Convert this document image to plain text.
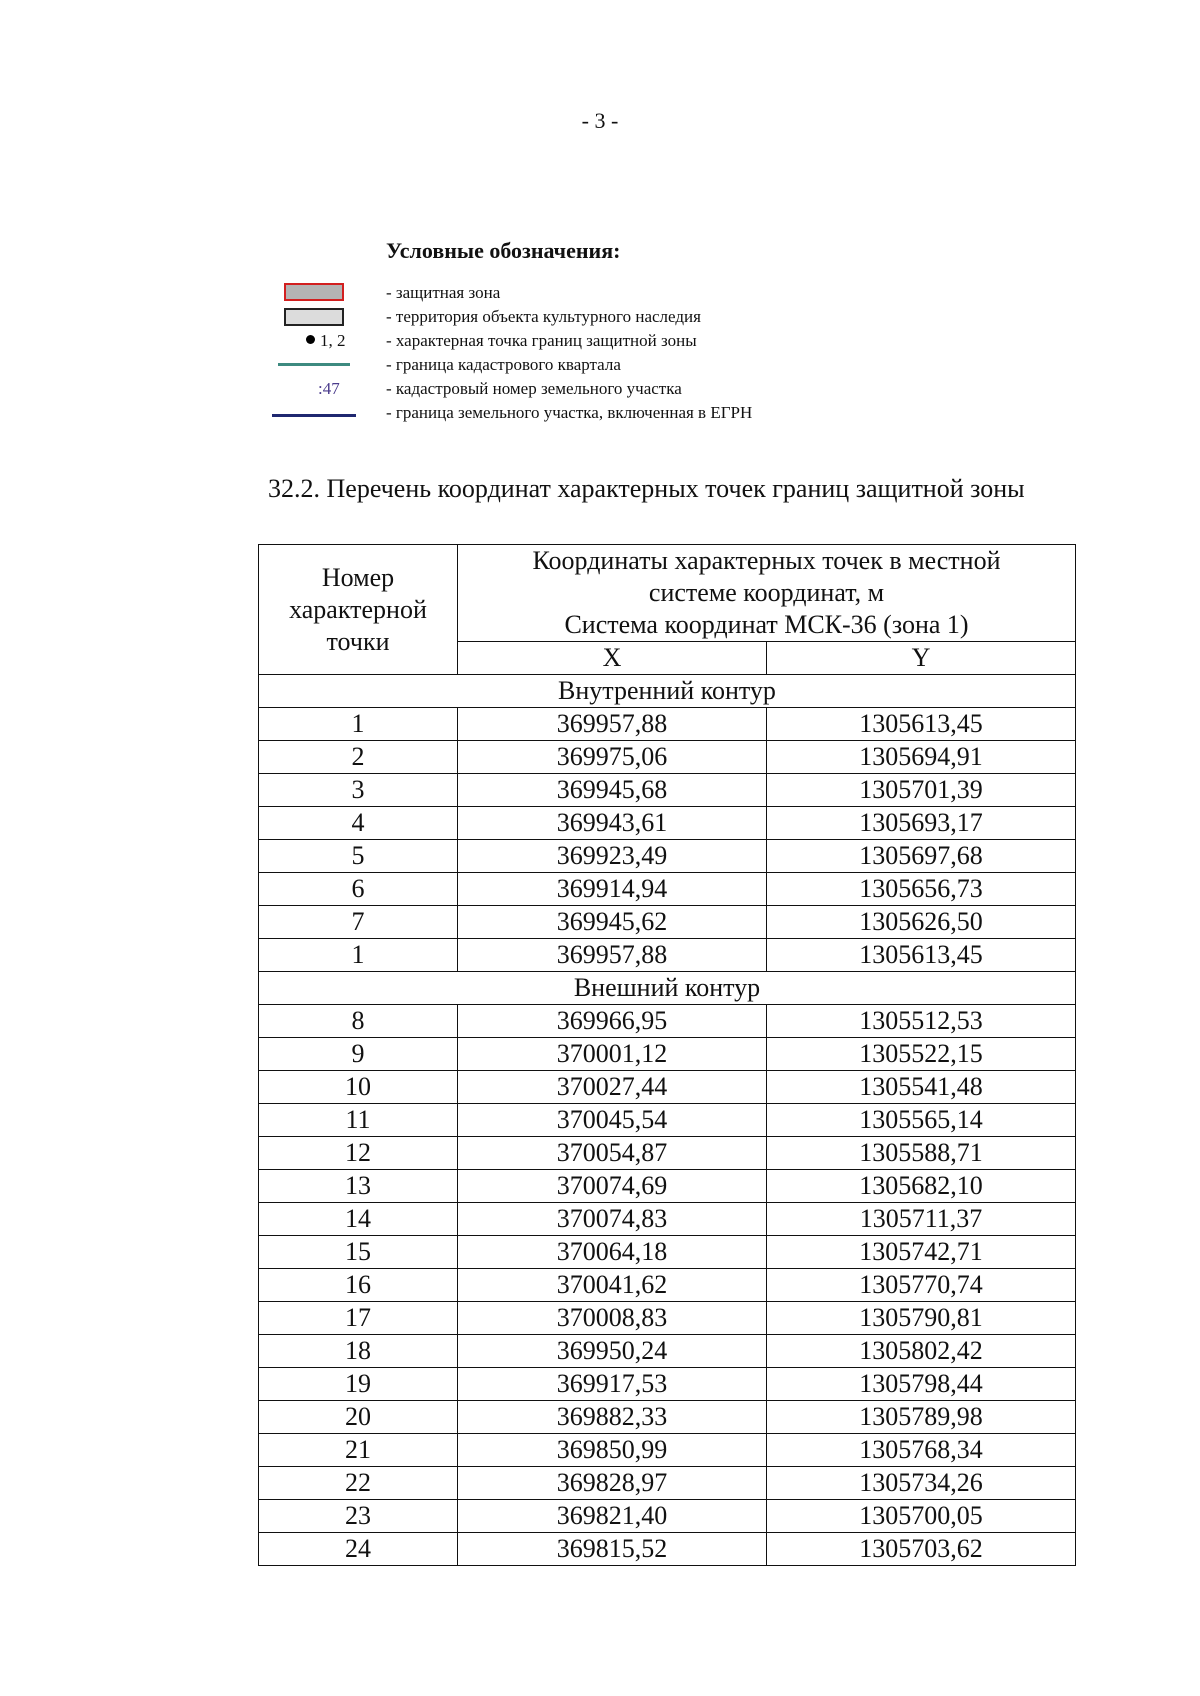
- 3 -
Условные обозначения:
- защитная зона
- территория объекта культурного наследия
1, 2 - характерная точка границ защитной зоны
- граница кадастрового квартала
:47	- кадастровый номер земельного участка
- граница земельного участка, включенная в ЕГРН
32.2. Перечень координат характерных точек границ защитной зоны
Номер характерной точки	Координаты характерных точек в местной
системе координат, м
Система координат МСК-36 (зона 1)	

	X	Y
Внутренний контур		
1	369957,88	1305613,45
2	369975,06	1305694,91
3	369945,68	1305701,39
4	369943,61	1305693,17
5	369923,49	1305697,68
6	369914,94	1305656,73
7	369945,62	1305626,50
1	369957,88	1305613,45
Внешний контур		
8	369966,95	1305512,53
9	370001,12	1305522,15
10	370027,44	1305541,48
11	370045,54	1305565,14
12	370054,87	1305588,71
13	370074,69	1305682,10
14	370074,83	1305711,37
15	370064,18	1305742,71
16	370041,62	1305770,74
17	370008,83	1305790,81
18	369950,24	1305802,42
19	369917,53	1305798,44
20	369882,33	1305789,98
21	369850,99	1305768,34
22	369828,97	1305734,26
23	369821,40	1305700,05
24	369815,52	1305703,62
